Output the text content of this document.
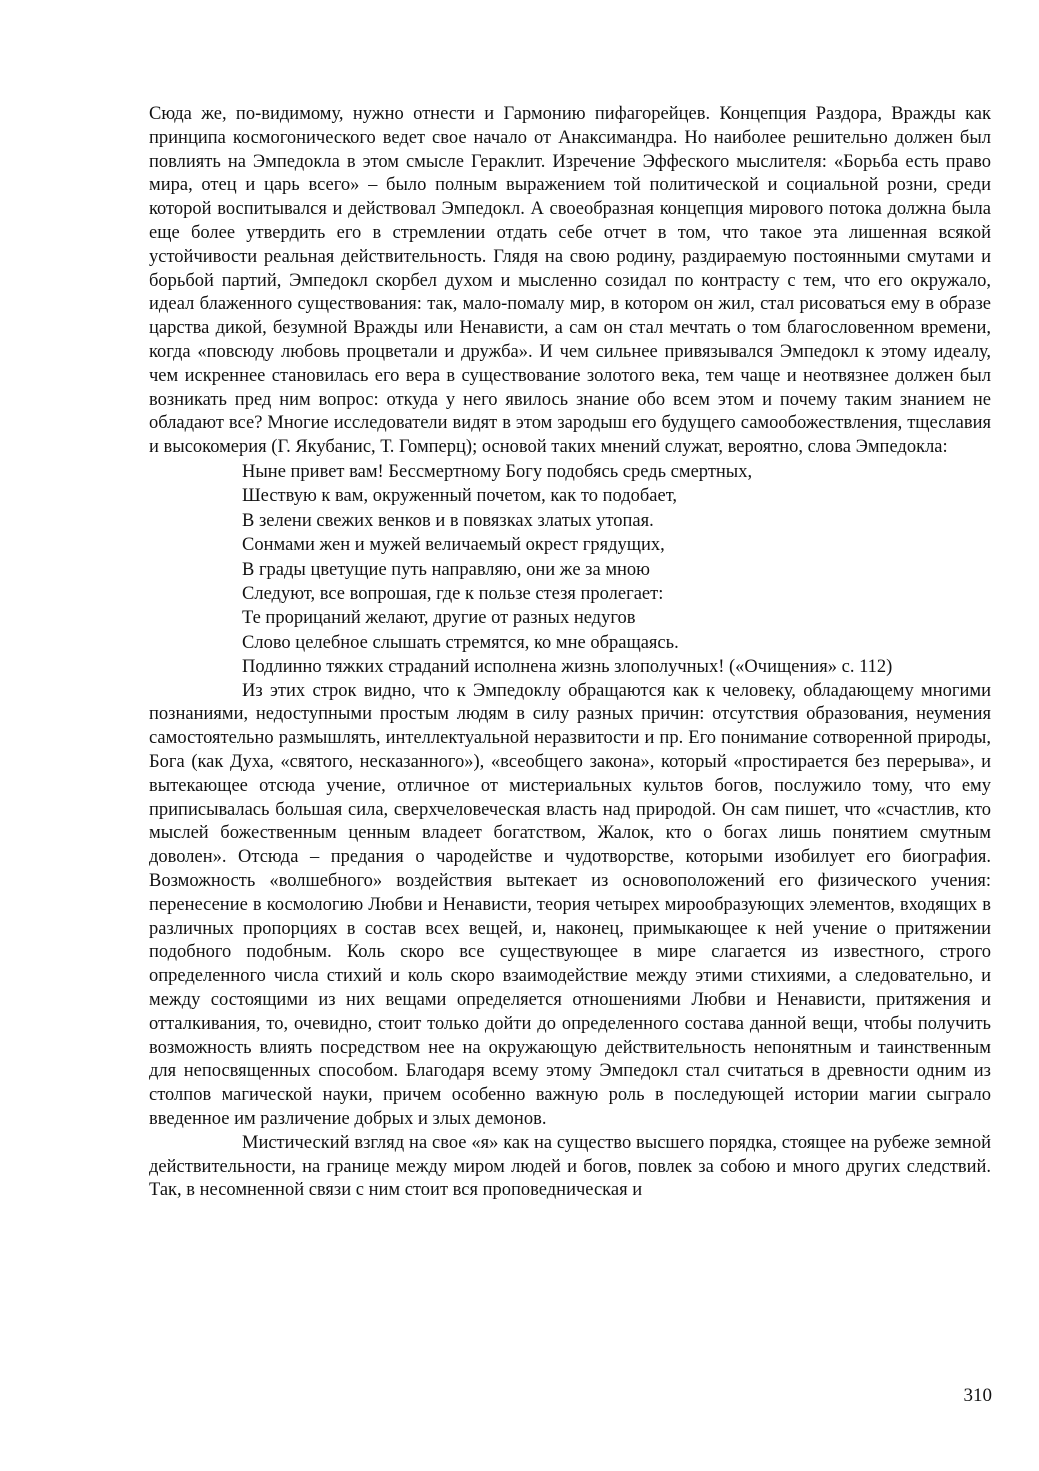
Сюда же, по-видимому, нужно отнести и Гармонию пифагорейцев. Концепция Раздора, Вражды как принципа космогонического ведет свое начало от Анаксимандра. Но наиболее решительно должен был повлиять на Эмпедокла в этом смысле Гераклит. Изречение Эффеского мыслителя: «Борьба есть право мира, отец и царь всего» – было полным выражением той политической и социальной розни, среди которой воспитывался и действовал Эмпедокл. А своеобразная концепция мирового потока должна была еще более утвердить его в стремлении отдать себе отчет в том, что такое эта лишенная всякой устойчивости реальная действительность. Глядя на свою родину, раздираемую постоянными смутами и борьбой партий, Эмпедокл скорбел духом и мысленно созидал по контрасту с тем, что его окружало, идеал блаженного существования: так, мало-помалу мир, в котором он жил, стал рисоваться ему в образе царства дикой, безумной Вражды или Ненависти, а сам он стал мечтать о том благословенном времени, когда «повсюду любовь процветали и дружба». И чем сильнее привязывался Эмпедокл к этому идеалу, чем искреннее становилась его вера в существование золотого века, тем чаще и неотвязнее должен был возникать пред ним вопрос: откуда у него явилось знание обо всем этом и почему таким знанием не обладают все? Многие исследователи видят в этом зародыш его будущего самообожествления, тщеславия и высокомерия (Г. Якубанис, Т. Гомперц); основой таких мнений служат, вероятно, слова Эмпедокла:

Ныне привет вам! Бессмертному Богу подобясь средь смертных,
Шествую к вам, окруженный почетом, как то подобает,
В зелени свежих венков и в повязках златых утопая.
Сонмами жен и мужей величаемый окрест грядущих,
В грады цветущие путь направляю, они же за мною
Следуют, все вопрошая, где к пользе стезя пролегает:
Те прорицаний желают, другие от разных недугов
Слово целебное слышать стремятся, ко мне обращаясь.
Подлинно тяжких страданий исполнена жизнь злополучных! («Очищения» с. 112)

Из этих строк видно, что к Эмпедоклу обращаются как к человеку, обладающему многими познаниями, недоступными простым людям в силу разных причин: отсутствия образования, неумения самостоятельно размышлять, интеллектуальной неразвитости и пр. Его понимание сотворенной природы, Бога (как Духа, «святого, несказанного»), «всеобщего закона», который «простирается без перерыва», и вытекающее отсюда учение, отличное от мистериальных культов богов, послужило тому, что ему приписывалась большая сила, сверхчеловеческая власть над природой. Он сам пишет, что «счастлив, кто мыслей божественным ценным владеет богатством, Жалок, кто о богах лишь понятием смутным доволен». Отсюда – предания о чародействе и чудотворстве, которыми изобилует его биография. Возможность «волшебного» воздействия вытекает из основоположений его физического учения: перенесение в космологию Любви и Ненависти, теория четырех мирообразующих элементов, входящих в различных пропорциях в состав всех вещей, и, наконец, примыкающее к ней учение о притяжении подобного подобным. Коль скоро все существующее в мире слагается из известного, строго определенного числа стихий и коль скоро взаимодействие между этими стихиями, а следовательно, и между состоящими из них вещами определяется отношениями Любви и Ненависти, притяжения и отталкивания, то, очевидно, стоит только дойти до определенного состава данной вещи, чтобы получить возможность влиять посредством нее на окружающую действительность непонятным и таинственным для непосвященных способом. Благодаря всему этому Эмпедокл стал считаться в древности одним из столпов магической науки, причем особенно важную роль в последующей истории магии сыграло введенное им различение добрых и злых демонов.

Мистический взгляд на свое «я» как на существо высшего порядка, стоящее на рубеже земной действительности, на границе между миром людей и богов, повлек за собою и много других следствий. Так, в несомненной связи с ним стоит вся проповедническая и

310
